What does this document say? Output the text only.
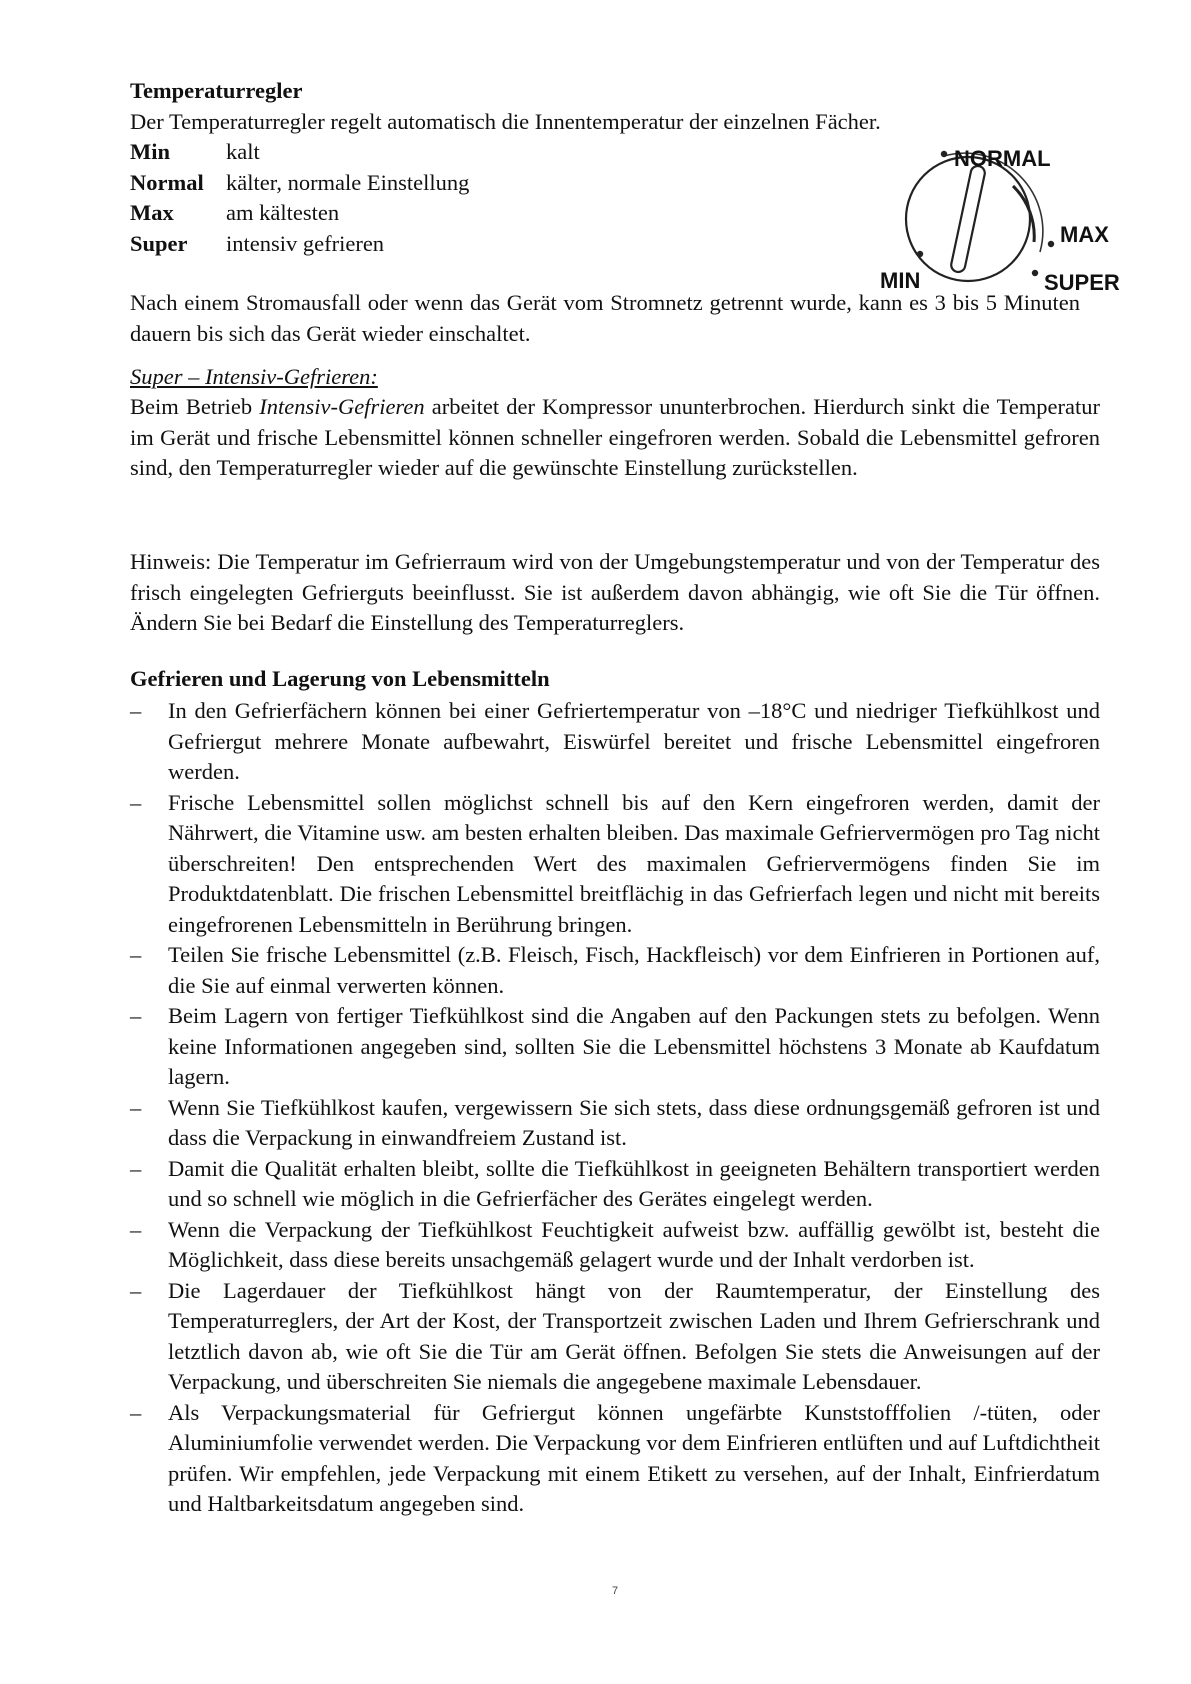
Temperaturregler
Der Temperaturregler regelt automatisch die Innentemperatur der einzelnen Fächer.
Min	kalt
Normal kälter, normale Einstellung
Max	am kältesten
Super	intensiv gefrieren
NORMAL
MAX
SUPER
MIN
Nach einem Stromausfall oder wenn das Gerät vom Stromnetz getrennt wurde, kann es 3 bis 5 Minuten dauern bis sich das Gerät wieder einschaltet.
Super – Intensiv-Gefrieren:
Beim Betrieb Intensiv-Gefrieren arbeitet der Kompressor ununterbrochen. Hierdurch sinkt die Temperatur im Gerät und frische Lebensmittel können schneller eingefroren werden. Sobald die Lebensmittel gefroren sind, den Temperaturregler wieder auf die gewünschte Einstellung zurückstellen.
Hinweis: Die Temperatur im Gefrierraum wird von der Umgebungstemperatur und von der Temperatur des frisch eingelegten Gefrierguts beeinflusst. Sie ist außerdem davon abhängig, wie oft Sie die Tür öffnen. Ändern Sie bei Bedarf die Einstellung des Temperaturreglers.
Gefrieren und Lagerung von Lebensmitteln
– In den Gefrierfächern können bei einer Gefriertemperatur von –18°C und niedriger Tiefkühlkost und Gefriergut mehrere Monate aufbewahrt, Eiswürfel bereitet und frische Lebensmittel eingefroren werden.
– Frische Lebensmittel sollen möglichst schnell bis auf den Kern eingefroren werden, damit der Nährwert, die Vitamine usw. am besten erhalten bleiben. Das maximale Gefriervermögen pro Tag nicht überschreiten! Den entsprechenden Wert des maximalen Gefriervermögens finden Sie im Produktdatenblatt. Die frischen Lebensmittel breitflächig in das Gefrierfach legen und nicht mit bereits eingefrorenen Lebensmitteln in Berührung bringen.
– Teilen Sie frische Lebensmittel (z.B. Fleisch, Fisch, Hackfleisch) vor dem Einfrieren in Portionen auf, die Sie auf einmal verwerten können.
– Beim Lagern von fertiger Tiefkühlkost sind die Angaben auf den Packungen stets zu befolgen. Wenn keine Informationen angegeben sind, sollten Sie die Lebensmittel höchstens 3 Monate ab Kaufdatum lagern.
– Wenn Sie Tiefkühlkost kaufen, vergewissern Sie sich stets, dass diese ordnungsgemäß gefroren ist und dass die Verpackung in einwandfreiem Zustand ist.
– Damit die Qualität erhalten bleibt, sollte die Tiefkühlkost in geeigneten Behältern transportiert werden und so schnell wie möglich in die Gefrierfächer des Gerätes eingelegt werden.
– Wenn die Verpackung der Tiefkühlkost Feuchtigkeit aufweist bzw. auffällig gewölbt ist, besteht die Möglichkeit, dass diese bereits unsachgemäß gelagert wurde und der Inhalt verdorben ist.
– Die Lagerdauer der Tiefkühlkost hängt von der Raumtemperatur, der Einstellung des Temperaturreglers, der Art der Kost, der Transportzeit zwischen Laden und Ihrem Gefrierschrank und letztlich davon ab, wie oft Sie die Tür am Gerät öffnen. Befolgen Sie stets die Anweisungen auf der Verpackung, und überschreiten Sie niemals die angegebene maximale Lebensdauer.
– Als Verpackungsmaterial für Gefriergut können ungefärbte Kunststofffolien /-tüten, oder Aluminiumfolie verwendet werden. Die Verpackung vor dem Einfrieren entlüften und auf Luftdichtheit prüfen. Wir empfehlen, jede Verpackung mit einem Etikett zu versehen, auf der Inhalt, Einfrierdatum und Haltbarkeitsdatum angegeben sind.
7
